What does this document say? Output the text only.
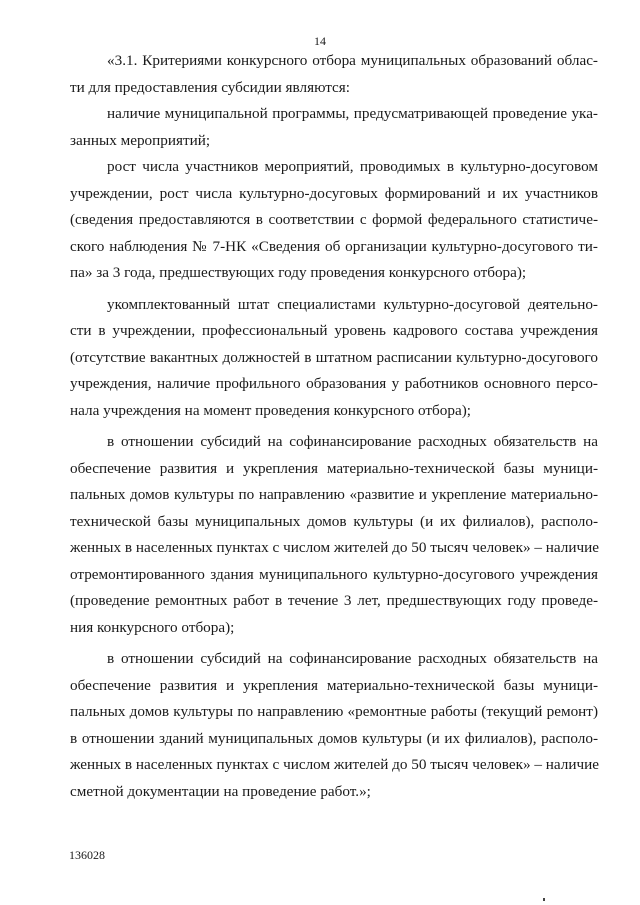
14
«3.1. Критериями конкурсного отбора муниципальных образований облас-
ти для предоставления субсидии являются:
наличие муниципальной программы, предусматривающей проведение ука-
занных мероприятий;
рост числа участников мероприятий, проводимых в культурно-досуговом
учреждении, рост числа культурно-досуговых формирований и их участников
(сведения предоставляются в соответствии с формой федерального статистиче-
ского наблюдения № 7-НК «Сведения об организации культурно-досугового ти-
па» за 3 года, предшествующих году проведения конкурсного отбора);
укомплектованный штат специалистами культурно-досуговой деятельно-
сти в учреждении, профессиональный уровень кадрового состава учреждения
(отсутствие вакантных должностей в штатном расписании культурно-досугового
учреждения, наличие профильного образования у работников основного персо-
нала учреждения на момент проведения конкурсного отбора);
в отношении субсидий на софинансирование расходных обязательств на
обеспечение развития и укрепления материально-технической базы муници-
пальных домов культуры по направлению «развитие и укрепление материально-
технической базы муниципальных домов культуры (и их филиалов), располо-
женных в населенных пунктах с числом жителей до 50 тысяч человек» – наличие
отремонтированного здания муниципального культурно-досугового учреждения
(проведение ремонтных работ в течение 3 лет, предшествующих году проведе-
ния конкурсного отбора);
в отношении субсидий на софинансирование расходных обязательств на
обеспечение развития и укрепления материально-технической базы муници-
пальных домов культуры по направлению «ремонтные работы (текущий ремонт)
в отношении зданий муниципальных домов культуры (и их филиалов), располо-
женных в населенных пунктах с числом жителей до 50 тысяч человек» – наличие
сметной документации на проведение работ.»;
136028
